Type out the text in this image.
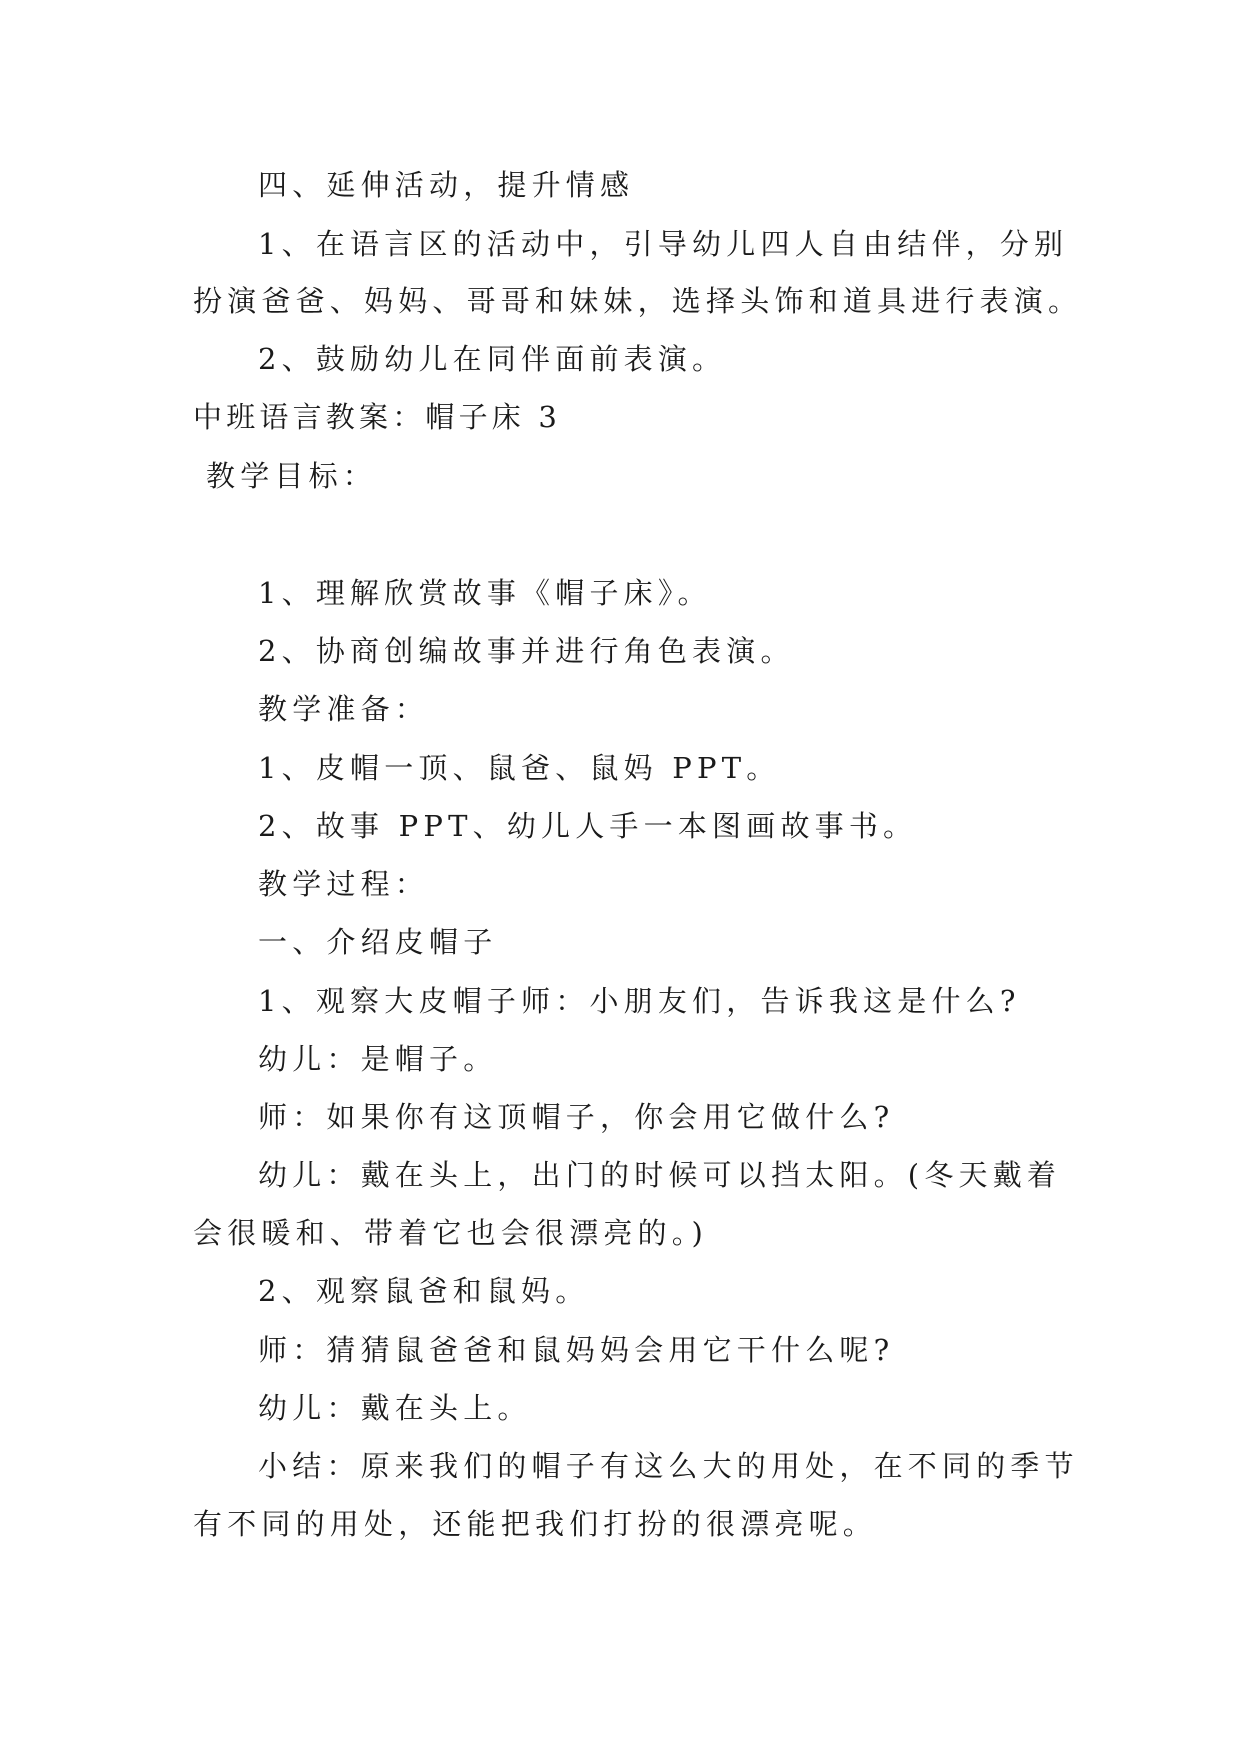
四、延伸活动，提升情感

1、在语言区的活动中，引导幼儿四人自由结伴，分别

扮演爸爸、妈妈、哥哥和妹妹，选择头饰和道具进行表演。

2、鼓励幼儿在同伴面前表演。

中班语言教案：帽子床 3

教学目标：

1、理解欣赏故事《帽子床》。

2、协商创编故事并进行角色表演。

教学准备：

1、皮帽一顶、鼠爸、鼠妈 PPT。

2、故事 PPT、幼儿人手一本图画故事书。

教学过程：

一、介绍皮帽子

1、观察大皮帽子师：小朋友们，告诉我这是什么?

幼儿：是帽子。

师：如果你有这顶帽子，你会用它做什么?

幼儿：戴在头上，出门的时候可以挡太阳。(冬天戴着

会很暖和、带着它也会很漂亮的。)

2、观察鼠爸和鼠妈。

师：猜猜鼠爸爸和鼠妈妈会用它干什么呢?

幼儿：戴在头上。

小结：原来我们的帽子有这么大的用处，在不同的季节

有不同的用处，还能把我们打扮的很漂亮呢。
